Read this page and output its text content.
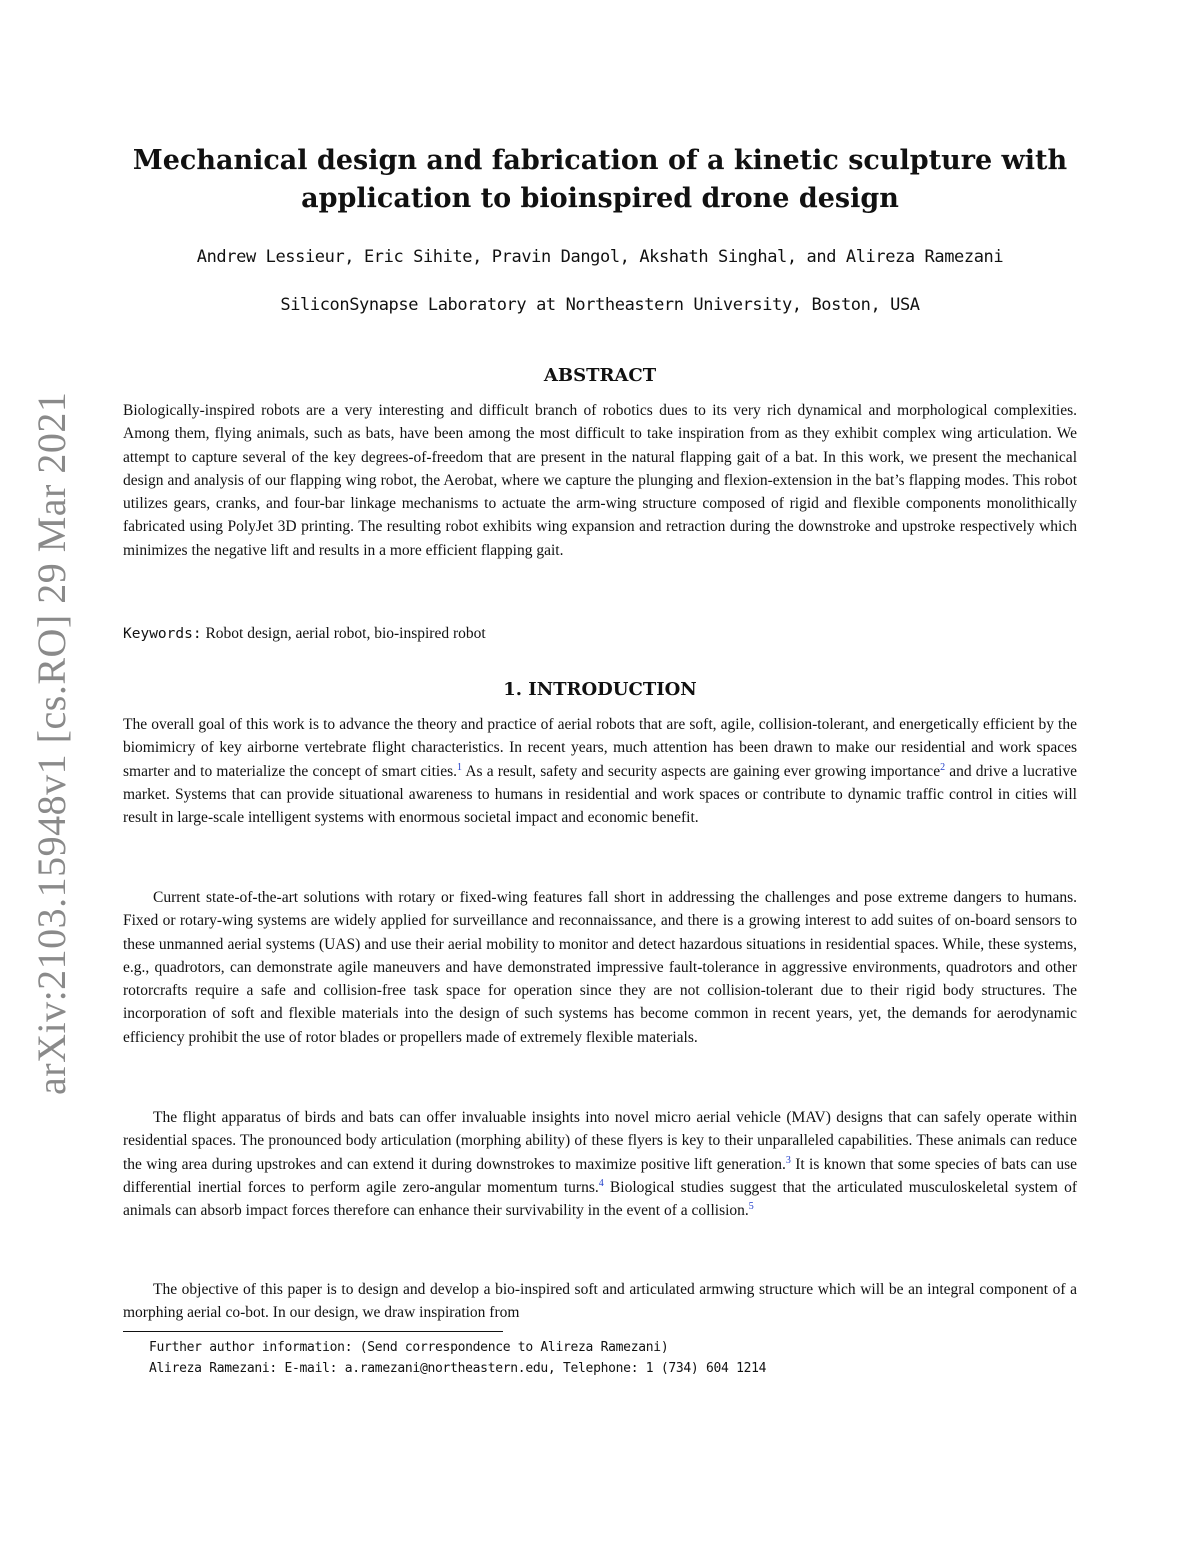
arXiv:2103.15948v1 [cs.RO] 29 Mar 2021
Mechanical design and fabrication of a kinetic sculpture with application to bioinspired drone design
Andrew Lessieur, Eric Sihite, Pravin Dangol, Akshath Singhal, and Alireza Ramezani
SiliconSynapse Laboratory at Northeastern University, Boston, USA
ABSTRACT

Biologically-inspired robots are a very interesting and difficult branch of robotics dues to its very rich dynamical and morphological complexities. Among them, flying animals, such as bats, have been among the most difficult to take inspiration from as they exhibit complex wing articulation. We attempt to capture several of the key degrees-of-freedom that are present in the natural flapping gait of a bat. In this work, we present the mechanical design and analysis of our flapping wing robot, the Aerobat, where we capture the plunging and flexion-extension in the bat’s flapping modes. This robot utilizes gears, cranks, and four-bar linkage mechanisms to actuate the arm-wing structure composed of rigid and flexible components monolithically fabricated using PolyJet 3D printing. The resulting robot exhibits wing expansion and retraction during the downstroke and upstroke respectively which minimizes the negative lift and results in a more efficient flapping gait.

Keywords: Robot design, aerial robot, bio-inspired robot

1. INTRODUCTION

The overall goal of this work is to advance the theory and practice of aerial robots that are soft, agile, collision-tolerant, and energetically efficient by the biomimicry of key airborne vertebrate flight characteristics. In recent years, much attention has been drawn to make our residential and work spaces smarter and to materialize the concept of smart cities.$^1$ As a result, safety and security aspects are gaining ever growing importance$^2$ and drive a lucrative market. Systems that can provide situational awareness to humans in residential and work spaces or contribute to dynamic traffic control in cities will result in large-scale intelligent systems with enormous societal impact and economic benefit.

Current state-of-the-art solutions with rotary or fixed-wing features fall short in addressing the challenges and pose extreme dangers to humans. Fixed or rotary-wing systems are widely applied for surveillance and reconnaissance, and there is a growing interest to add suites of on-board sensors to these unmanned aerial systems (UAS) and use their aerial mobility to monitor and detect hazardous situations in residential spaces. While, these systems, e.g., quadrotors, can demonstrate agile maneuvers and have demonstrated impressive fault-tolerance in aggressive environments, quadrotors and other rotorcrafts require a safe and collision-free task space for operation since they are not collision-tolerant due to their rigid body structures. The incorporation of soft and flexible materials into the design of such systems has become common in recent years, yet, the demands for aerodynamic efficiency prohibit the use of rotor blades or propellers made of extremely flexible materials.

The flight apparatus of birds and bats can offer invaluable insights into novel micro aerial vehicle (MAV) designs that can safely operate within residential spaces. The pronounced body articulation (morphing ability) of these flyers is key to their unparalleled capabilities. These animals can reduce the wing area during upstrokes and can extend it during downstrokes to maximize positive lift generation.$^3$ It is known that some species of bats can use differential inertial forces to perform agile zero-angular momentum turns.$^4$ Biological studies suggest that the articulated musculoskeletal system of animals can absorb impact forces therefore can enhance their survivability in the event of a collision.$^5$

The objective of this paper is to design and develop a bio-inspired soft and articulated armwing structure which will be an integral component of a morphing aerial co-bot. In our design, we draw inspiration from

Further author information: (Send correspondence to Alireza Ramezani)
Alireza Ramezani: E-mail: a.ramezani@northeastern.edu, Telephone: 1 (734) 604 1214
